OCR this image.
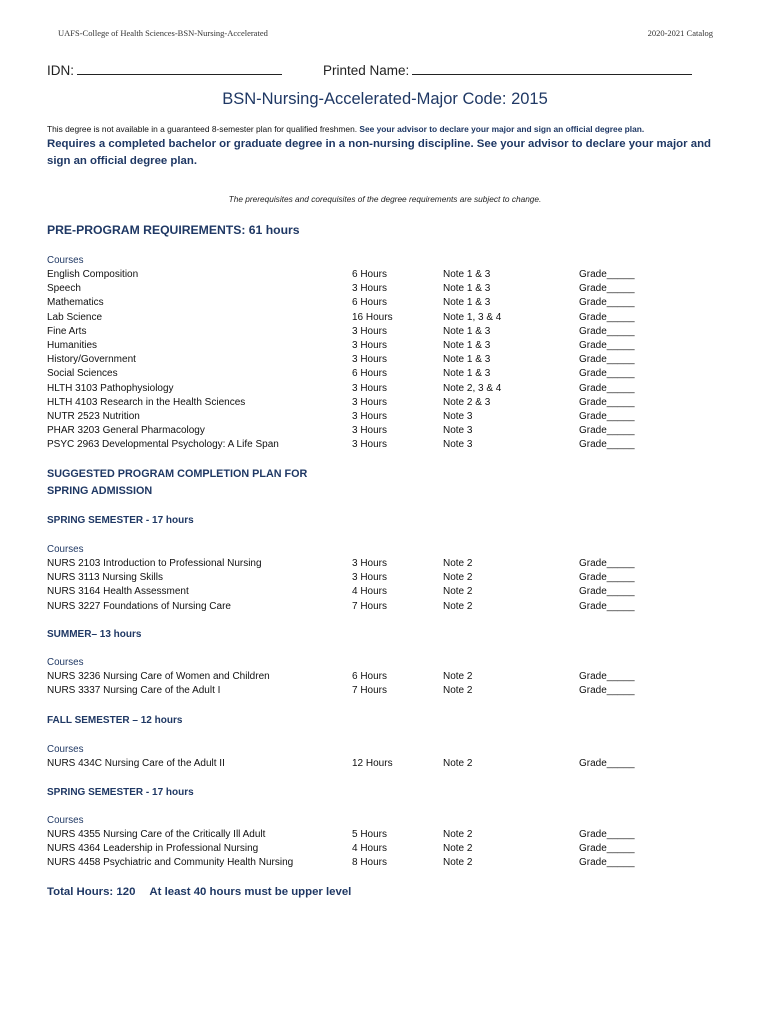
UAFS-College of Health Sciences-BSN-Nursing-Accelerated	2020-2021 Catalog
IDN:	Printed Name:
BSN-Nursing-Accelerated-Major Code: 2015
This degree is not available in a guaranteed 8-semester plan for qualified freshmen. See your advisor to declare your major and sign an official degree plan.
Requires a completed bachelor or graduate degree in a non-nursing discipline. See your advisor to declare your major and sign an official degree plan.
The prerequisites and corequisites of the degree requirements are subject to change.
PRE-PROGRAM REQUIREMENTS: 61 hours
Courses
English Composition	6 Hours	Note 1 & 3	Grade_____
Speech	3 Hours	Note 1 & 3	Grade_____
Mathematics	6 Hours	Note 1 & 3	Grade_____
Lab Science	16 Hours	Note 1, 3 & 4	Grade_____
Fine Arts	3 Hours	Note 1 & 3	Grade_____
Humanities	3 Hours	Note 1 & 3	Grade_____
History/Government	3 Hours	Note 1 & 3	Grade_____
Social Sciences	6 Hours	Note 1 & 3	Grade_____
HLTH 3103 Pathophysiology	3 Hours	Note 2, 3 & 4	Grade_____
HLTH 4103 Research in the Health Sciences	3 Hours	Note 2 & 3	Grade_____
NUTR 2523 Nutrition	3 Hours	Note 3	Grade_____
PHAR 3203 General Pharmacology	3 Hours	Note 3	Grade_____
PSYC 2963 Developmental Psychology: A Life Span	3 Hours	Note 3	Grade_____
SUGGESTED PROGRAM COMPLETION PLAN FOR SPRING ADMISSION
SPRING SEMESTER - 17 hours
Courses
NURS 2103 Introduction to Professional Nursing	3 Hours	Note 2	Grade_____
NURS 3113 Nursing Skills	3 Hours	Note 2	Grade_____
NURS 3164 Health Assessment	4 Hours	Note 2	Grade_____
NURS 3227 Foundations of Nursing Care	7 Hours	Note 2	Grade_____
SUMMER– 13 hours
Courses
NURS 3236 Nursing Care of Women and Children	6 Hours	Note 2	Grade_____
NURS 3337 Nursing Care of the Adult I	7 Hours	Note 2	Grade_____
FALL SEMESTER – 12 hours
Courses
NURS 434C Nursing Care of the Adult II	12 Hours	Note 2	Grade_____
SPRING SEMESTER - 17 hours
Courses
NURS 4355 Nursing Care of the Critically Ill Adult	5 Hours	Note 2	Grade_____
NURS 4364 Leadership in Professional Nursing	4 Hours	Note 2	Grade_____
NURS 4458 Psychiatric and Community Health Nursing	8 Hours	Note 2	Grade_____
Total Hours: 120 At least 40 hours must be upper level
